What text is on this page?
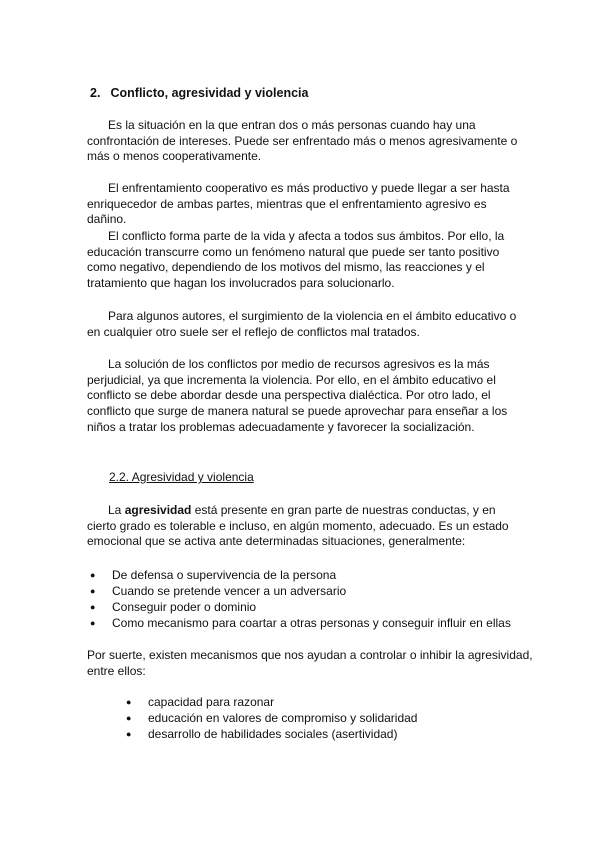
2. Conflicto, agresividad y violencia

Es la situación en la que entran dos o más personas cuando hay una confrontación de intereses. Puede ser enfrentado más o menos agresivamente o más o menos cooperativamente.

El enfrentamiento cooperativo es más productivo y puede llegar a ser hasta enriquecedor de ambas partes, mientras que el enfrentamiento agresivo es dañino.

El conflicto forma parte de la vida y afecta a todos sus ámbitos. Por ello, la educación transcurre como un fenómeno natural que puede ser tanto positivo como negativo, dependiendo de los motivos del mismo, las reacciones y el tratamiento que hagan los involucrados para solucionarlo.

Para algunos autores, el surgimiento de la violencia en el ámbito educativo o en cualquier otro suele ser el reflejo de conflictos mal tratados.

La solución de los conflictos por medio de recursos agresivos es la más perjudicial, ya que incrementa la violencia. Por ello, en el ámbito educativo el conflicto se debe abordar desde una perspectiva dialéctica. Por otro lado, el conflicto que surge de manera natural se puede aprovechar para enseñar a los niños a tratar los problemas adecuadamente y favorecer la socialización.

2.2. Agresividad y violencia

La agresividad está presente en gran parte de nuestras conductas, y en cierto grado es tolerable e incluso, en algún momento, adecuado. Es un estado emocional que se activa ante determinadas situaciones, generalmente:

● De defensa o supervivencia de la persona
● Cuando se pretende vencer a un adversario
● Conseguir poder o dominio
● Como mecanismo para coartar a otras personas y conseguir influir en ellas

Por suerte, existen mecanismos que nos ayudan a controlar o inhibir la agresividad, entre ellos:

● capacidad para razonar
● educación en valores de compromiso y solidaridad
● desarrollo de habilidades sociales (asertividad)
